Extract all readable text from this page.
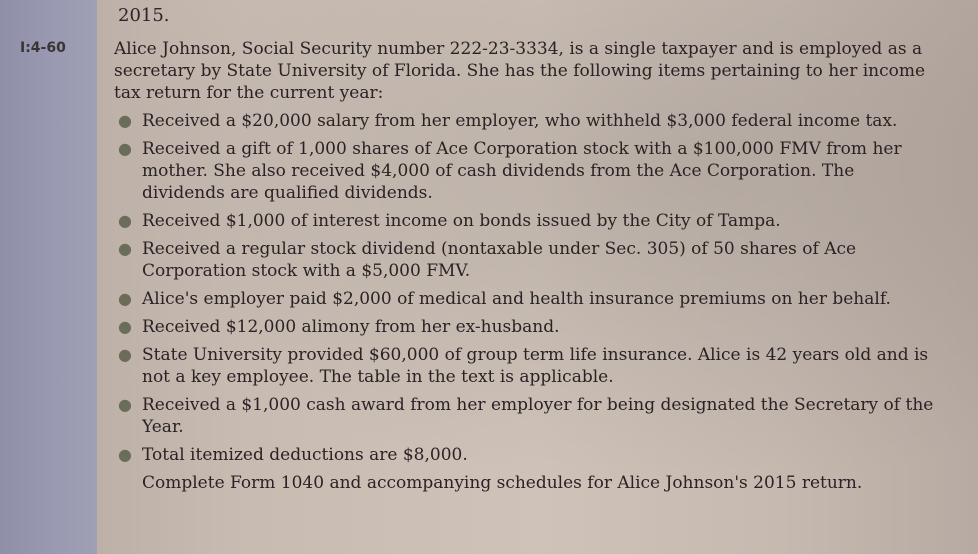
I:4-60
2015.

Alice Johnson, Social Security number 222-23-3334, is a single taxpayer and is employed as a secretary by State University of Florida. She has the following items pertaining to her income tax return for the current year:

● Received a $20,000 salary from her employer, who withheld $3,000 federal income tax.
● Received a gift of 1,000 shares of Ace Corporation stock with a $100,000 FMV from her mother. She also received $4,000 of cash dividends from the Ace Corporation. The dividends are qualified dividends.
● Received $1,000 of interest income on bonds issued by the City of Tampa.
● Received a regular stock dividend (nontaxable under Sec. 305) of 50 shares of Ace Corporation stock with a $5,000 FMV.
● Alice's employer paid $2,000 of medical and health insurance premiums on her behalf.
● Received $12,000 alimony from her ex-husband.
● State University provided $60,000 of group term life insurance. Alice is 42 years old and is not a key employee. The table in the text is applicable.
● Received a $1,000 cash award from her employer for being designated the Secretary of the Year.
● Total itemized deductions are $8,000.

Complete Form 1040 and accompanying schedules for Alice Johnson's 2015 return.
